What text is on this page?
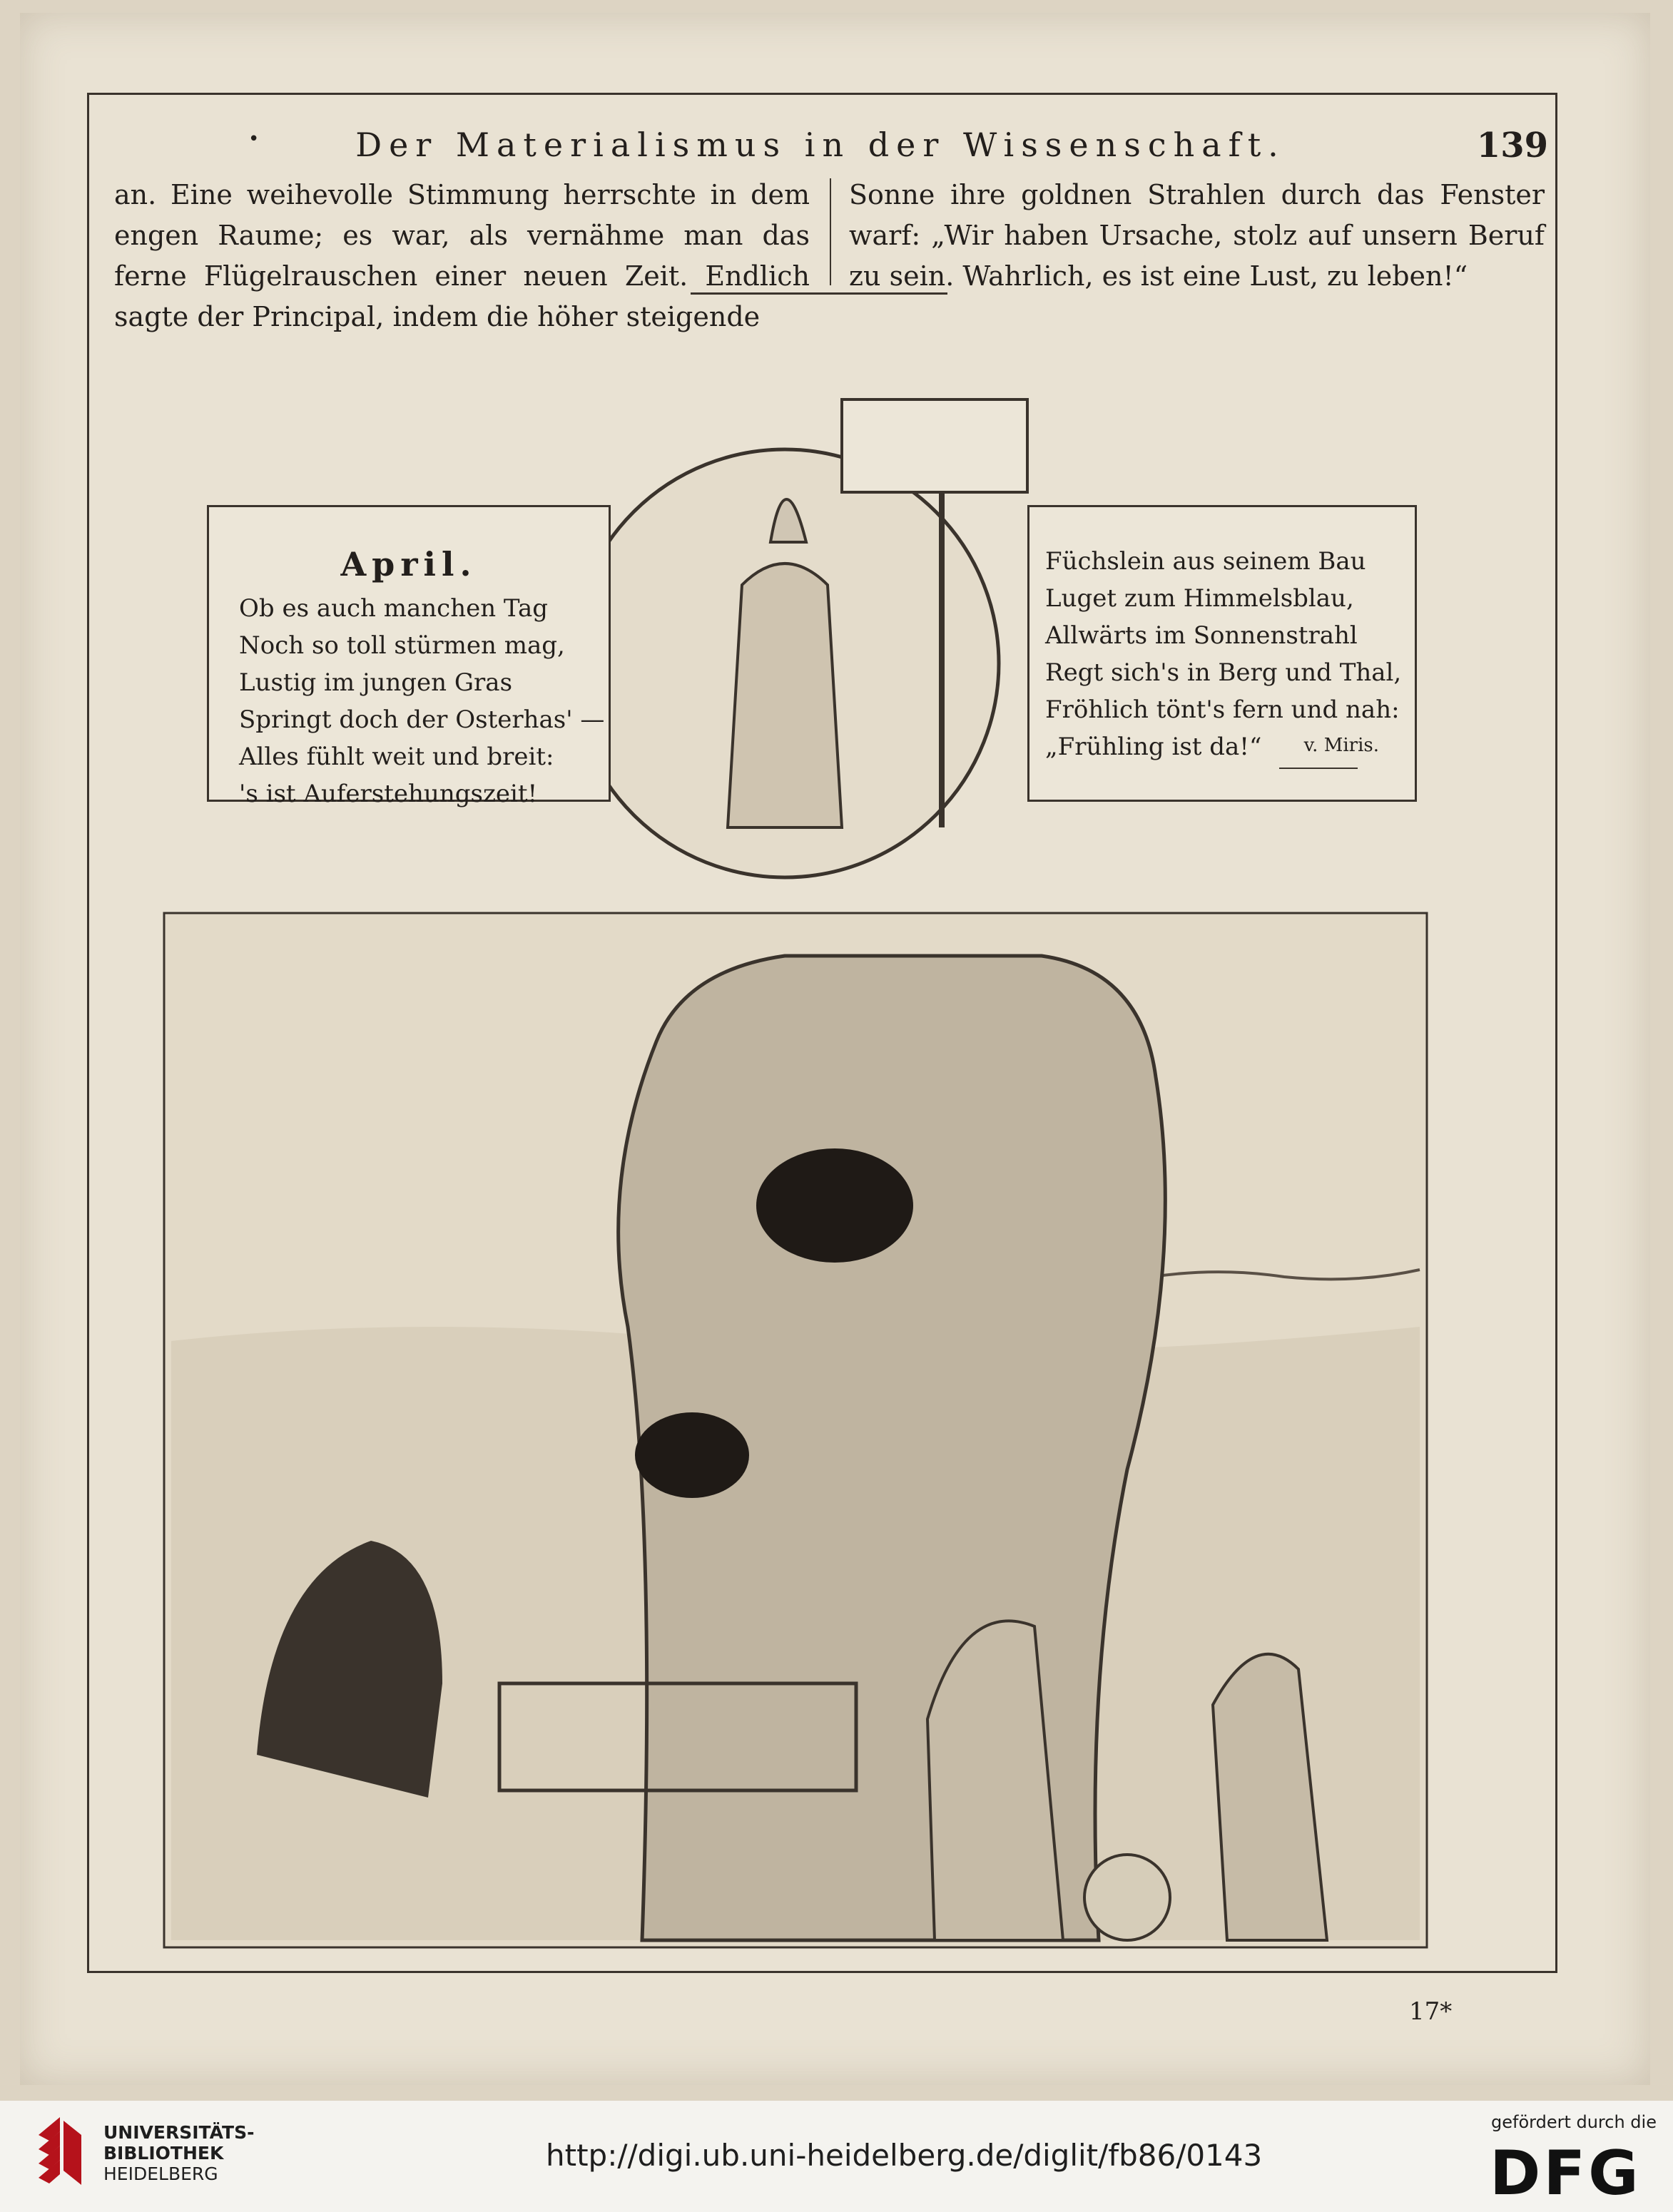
•	Der Materialismus in der Wissenschaft.	139

an. Eine weihevolle Stimmung herrschte in dem engen Raume; es war, als vernähme man das ferne Flügelrauschen einer neuen Zeit. Endlich sagte der Principal, indem die höher steigende

Sonne ihre goldnen Strahlen durch das Fenster warf: „Wir haben Ursache, stolz auf unsern Beruf zu sein. Wahrlich, es ist eine Lust, zu leben!“

April.
Ob es auch manchen Tag
Noch so toll stürmen mag,
Lustig im jungen Gras
Springt doch der Osterhas' —
Alles fühlt weit und breit:
's ist Auferstehungszeit!
Füchslein aus seinem Bau
Luget zum Himmelsblau,
Allwärts im Sonnenstrahl
Regt sich's in Berg und Thal,
Fröhlich tönt's fern und nah:
„Frühling ist da!“	v. Miris.
17*
UNIVERSITÄTS-
BIBLIOTHEK
HEIDELBERG
http://digi.ub.uni-heidelberg.de/diglit/fb86/0143
gefördert durch die
DFG
